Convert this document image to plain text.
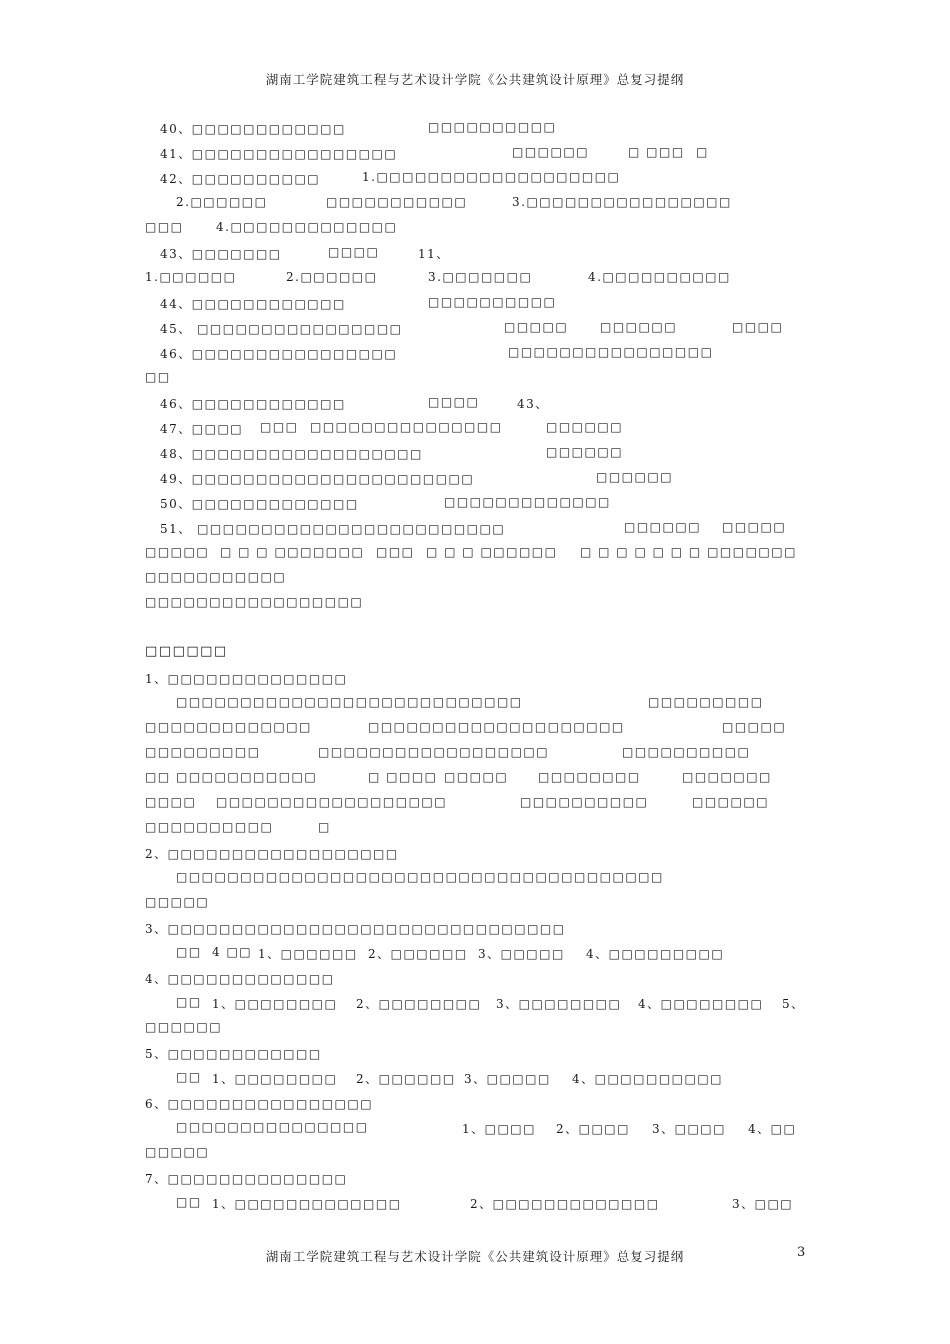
湖南工学院建筑工程与艺术设计学院《公共建筑设计原理》总复习提纲
40、□□□□□□□□□□□□	□□□□□□□□□□
41、□□□□□□□□□□□□□□□□	□□□□□□	□ □□□ □
42、□□□□□□□□□□	1.□□□□□□□□□□□□□□□□□□□
2.□□□□□□	□□□□□□□□□□□	3.□□□□□□□□□□□□□□□□
□□□	4.□□□□□□□□□□□□□
43、□□□□□□□	□□□□	11、
1.□□□□□□	2.□□□□□□	3.□□□□□□□	4.□□□□□□□□□□
44、□□□□□□□□□□□□	□□□□□□□□□□
45、 □□□□□□□□□□□□□□□□	□□□□□	□□□□□□	□□□□
46、□□□□□□□□□□□□□□□□	□□□□□□□□□□□□□□□□
□□
46、□□□□□□□□□□□□	□□□□	43、
47、□□□□ □□□ □□□□□□□□□□□□□□□	□□□□□□
48、□□□□□□□□□□□□□□□□□□	□□□□□□
49、□□□□□□□□□□□□□□□□□□□□□□	□□□□□□
50、□□□□□□□□□□□□□	□□□□□□□□□□□□□
51、 □□□□□□□□□□□□□□□□□□□□□□□□	□□□□□□ □□□□□
□□□□□ □ □ □ □□□□□□□ □□□ □ □ □ □□□□□□ □ □ □ □ □ □ □ □□□□□□□
□□□□□□□□□□□
□□□□□□□□□□□□□□□□□
□□□□□□
1、□□□□□□□□□□□□□□
□□□□□□□□□□□□□□□□□□□□□□□□□□□	□□□□□□□□□
□□□□□□□□□□□□□	□□□□□□□□□□□□□□□□□□□□	□□□□□
□□□□□□□□□	□□□□□□□□□□□□□□□□□□	□□□□□□□□□□
□□ □□□□□□□□□□□	□ □□□□ □□□□□ □□□□□□□□	□□□□□□□
□□□□ □□□□□□□□□□□□□□□□□□	□□□□□□□□□□	□□□□□□
□□□□□□□□□□	□
2、□□□□□□□□□□□□□□□□□□
□□□□□□□□□□□□□□□□□□□□□□□□□□□□□□□□□□□□□□
□□□□□
3、□□□□□□□□□□□□□□□□□□□□□□□□□□□□□□□
□□ 4 □□ 1、□□□□□□ 2、□□□□□□ 3、□□□□□ 4、□□□□□□□□□
4、□□□□□□□□□□□□□
□□ 1、□□□□□□□□ 2、□□□□□□□□ 3、□□□□□□□□ 4、□□□□□□□□ 5、
□□□□□□
5、□□□□□□□□□□□□
□□ 1、□□□□□□□□ 2、□□□□□□ 3、□□□□□ 4、□□□□□□□□□□
6、□□□□□□□□□□□□□□□□
□□□□□□□□□□□□□□□	1、□□□□ 2、□□□□ 3、□□□□ 4、□□
□□□□□
7、□□□□□□□□□□□□□□
□□ 1、□□□□□□□□□□□□□	2、□□□□□□□□□□□□□	3、□□□
湖南工学院建筑工程与艺术设计学院《公共建筑设计原理》总复习提纲	3
